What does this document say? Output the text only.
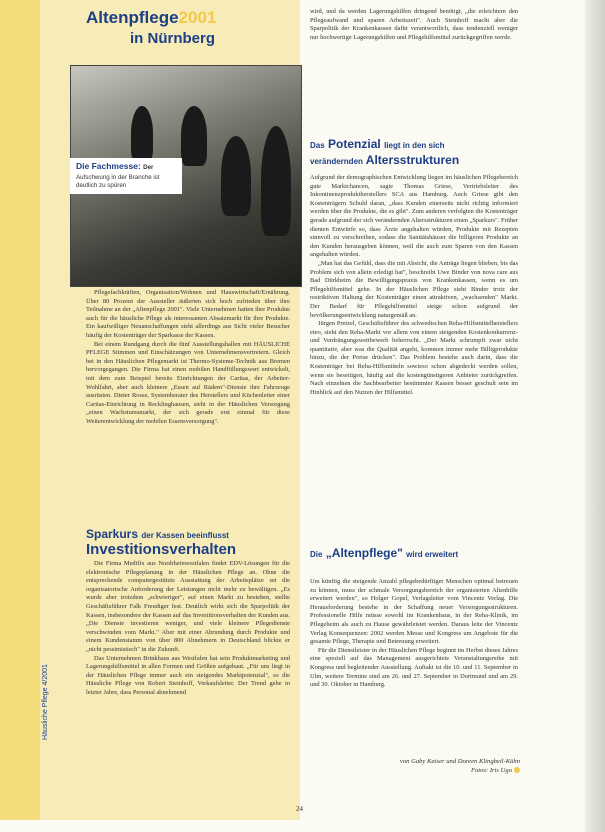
Altenpflege2001
in Nürnberg
Die Fachmesse: Der
Aufschwung in der Branche ist deutlich zu spüren
Häusliche Pflege 4/2001

Pflegefachkräften, Organisation/Wohnen und Hauswirtschaft/Ernährung. Über 80 Prozent der Aussteller äußerten sich hoch zufrieden über ihre Teilnahme an der „Altenpflege 2001". Viele Unternehmen hatten ihre Produkte auch für die häusliche Pflege als interessanten Absatzmarkt für ihre Produkte. Ein kaufwilliger Neuanschaffungen steht allerdings aus Sicht vieler Besucher häufig der Kostenträger der Sparkasse der Kassen.

Bei einem Rundgang durch die fünf Ausstellungshallen mit HÄUSLICHE PFLEGE Stimmen und Einschätzungen von Unternehmensvertretern. Gleich bei in den Häuslichen Pflegemarkt ist Thermo-Systeme-Technik aus Bremen hervorgegangen. Die Firma hat einen mobilen Handfüllungswert entwickelt, mit dem zum Beispiel bereits Einrichtungen der Caritas, der Arbeiter-Wohlfahrt, aber auch kleinere „Essen auf Rädern"-Dienste ihre Fahrzeuge ausrüsten. Dieter Rosse, Systemberater des Herstellers und Küchenleiter einer Caritas-Einrichtung in Recklinghausen, sieht in der Häuslichen Versorgung „einen Wachstumsmarkt, der sich gerade erst einmal für diese Weiterentwicklung der mobilen Essensversorgung".

Sparkurs der Kassen beeinflusst
Investitionsverhalten

Die Firma Medifix aus Nordrheinwestfalen findet EDV-Lösungen für die elektronische Pflegeplanung in der Häuslichen Pflege an. Ohne die entsprechende computergestützte Ausstattung der Arbeitsplätze sei die organisatorische Anforderung der Leistungen nicht mehr zu bewältigen. „Es wurde aber trotzdem „schwieriger", auf einen Markt zu bestehen, stellte Geschäftsführer Falk Freudiger fest. Deutlich wirkt sich die Sparpolitik der Kassen, insbesondere der Kassen auf das Investitionsverhalten der Kunden aus. „Die Dienste investieren weniger, und viele kleinere Pflegedienste verschwinden vom Markt." Aber mit einer Abrundung durch Produkte und einem Kundenstamm von über 800 Abnehmern in Deutschland blickte er „nicht pessimistisch" in die Zukunft.

Das Unternehmen Brinkhaus aus Westfalen hat sein Produktmarketing und Lagerungshilfsmittel in allen Formen und Größen aufgebaut. „Für uns liegt in der Häuslichen Pflege immer auch ein steigendes Marktpotenzial", so die Häusliche Pflege von Robert Steinhoff, Verkaufsleiter. Der Trend gehe in letzter Jahre, dass Personal abnehmend

wird, und da werden Lagerungshilfen dringend benötigt, „die erleichtern den Pflegeaufwand und sparen Arbeitszeit". Auch Steinhoff macht aber die Sparpolitik der Krankenkassen dafür verantwortlich, dass tendenziell weniger nur hochwertige Lagerungshilfen und Pflegehilfsmittel zurückgegriffen werde.

Das Potenzial liegt in den sich
verändernden Altersstrukturen

Aufgrund der demographischen Entwicklung liegen im häuslichen Pflegebereich gute Marktchancen, sagte Thomas Griese, Vertriebsleiter des Inkontinenzproduktherstellers SCA aus Hamburg. Auch Griese gibt den Kostenträgern Schuld daran, „dass Kunden einerseits nicht richtig informiert werden über die Produkte, die es gibt". Zum anderen verfolgten die Kostenträger gerade aufgrund der sich verändernden Altersstrukturen einen „Sparkurs". Früher dienten Entwürfe so, dass Ärzte angehalten würden, Produkte mit Rezepten sinnvoll zu verschreiben, sodass die Sanitätshäuser die billigeren Produkte an den Kunden herausgeben können, weil die auch zum Sparen von den Kassen angehalten würden.

„Man hat das Gefühl, dass die mit Absicht, die Anträge liegen blieben, bis das Problem sich von allein erledigt hat", beschreibt Uwe Binder von nova care aus Bad Dürkheim die Bewilligungspraxis von Krankenkassen, wenn es um Pflegehilfsmittel gehe. In der Häuslichen Pflege sieht Binder trotz der restriktiven Haltung der Kostenträger einen attraktiven, „wachsenden" Markt. Der Bedarf für Pflegehilfsmittel steige schon aufgrund der bevölkerungsentwicklung naturgemäß an.

Jürgen Pretzel, Geschäftsführer des schwedischen Reha-Hilfsmittelherstellers eteo, sieht den Reha-Markt vor allem von einem steigenden Kostenkonkurrenz- und Verdrängungswettbewerb beherrscht. „Der Markt schrumpft zwar nicht quantitativ, aber was die Qualität angeht, kommen immer mehr Billigprodukte hinzu, die der Preise drücken". Das Problem bestehe auch darin, dass die Kostenträger bei Reha-Hilfsmitteln sowieso schon abgedeckt werden sollen, wenn sie beseitigen, häufig auf die kostengünstigeren Anbieter zurückgreifen. Nach einzelnen die Sachbearbeiter bestimmter Kassen besser geschult sein im Hinblick auf den Nutzen der Hilfsmittel.

Die „Altenpflege" wird erweitert

Um künftig die steigende Anzahl pflegebedürftiger Menschen optimal betreuen zu können, muss der schmale Versorgungsbereich der organisierten Altenhilfe erweitert werden", so Holger Gopel, Verlagsleiter vom Vincentz Verlag. Die Herausforderung bestehe in der Schaffung neuer Versorgungsstrukturen. Professionelle Hilfe müsse sowohl im Krankenhaus, in der Reha-Klinik, im Pflegeheim als auch zu Hause gewährleistet werden. Daraus leite der Vincentz Verlag Konsequenzen: 2002 werden Messe und Kongress um Angebote für die gesamte Pflege, Therapie und Betreuung erweitert.

Für die Dienstleister in der Häuslichen Pflege beginnt im Herbst dieses Jahres eine speziell auf das Management ausgerichtete Veranstaltungsreihe mit Kongress und begleitender Ausstellung. Auftakt ist die 10. und 11. September in Ulm, weitere Termine sind am 26. und 27. September in Dortmund und am 29. und 30. Oktober in Hamburg.

von Gaby Kaiser und Doreen Klingbeil-Kühn
Fotos: Iris Ugo
24
